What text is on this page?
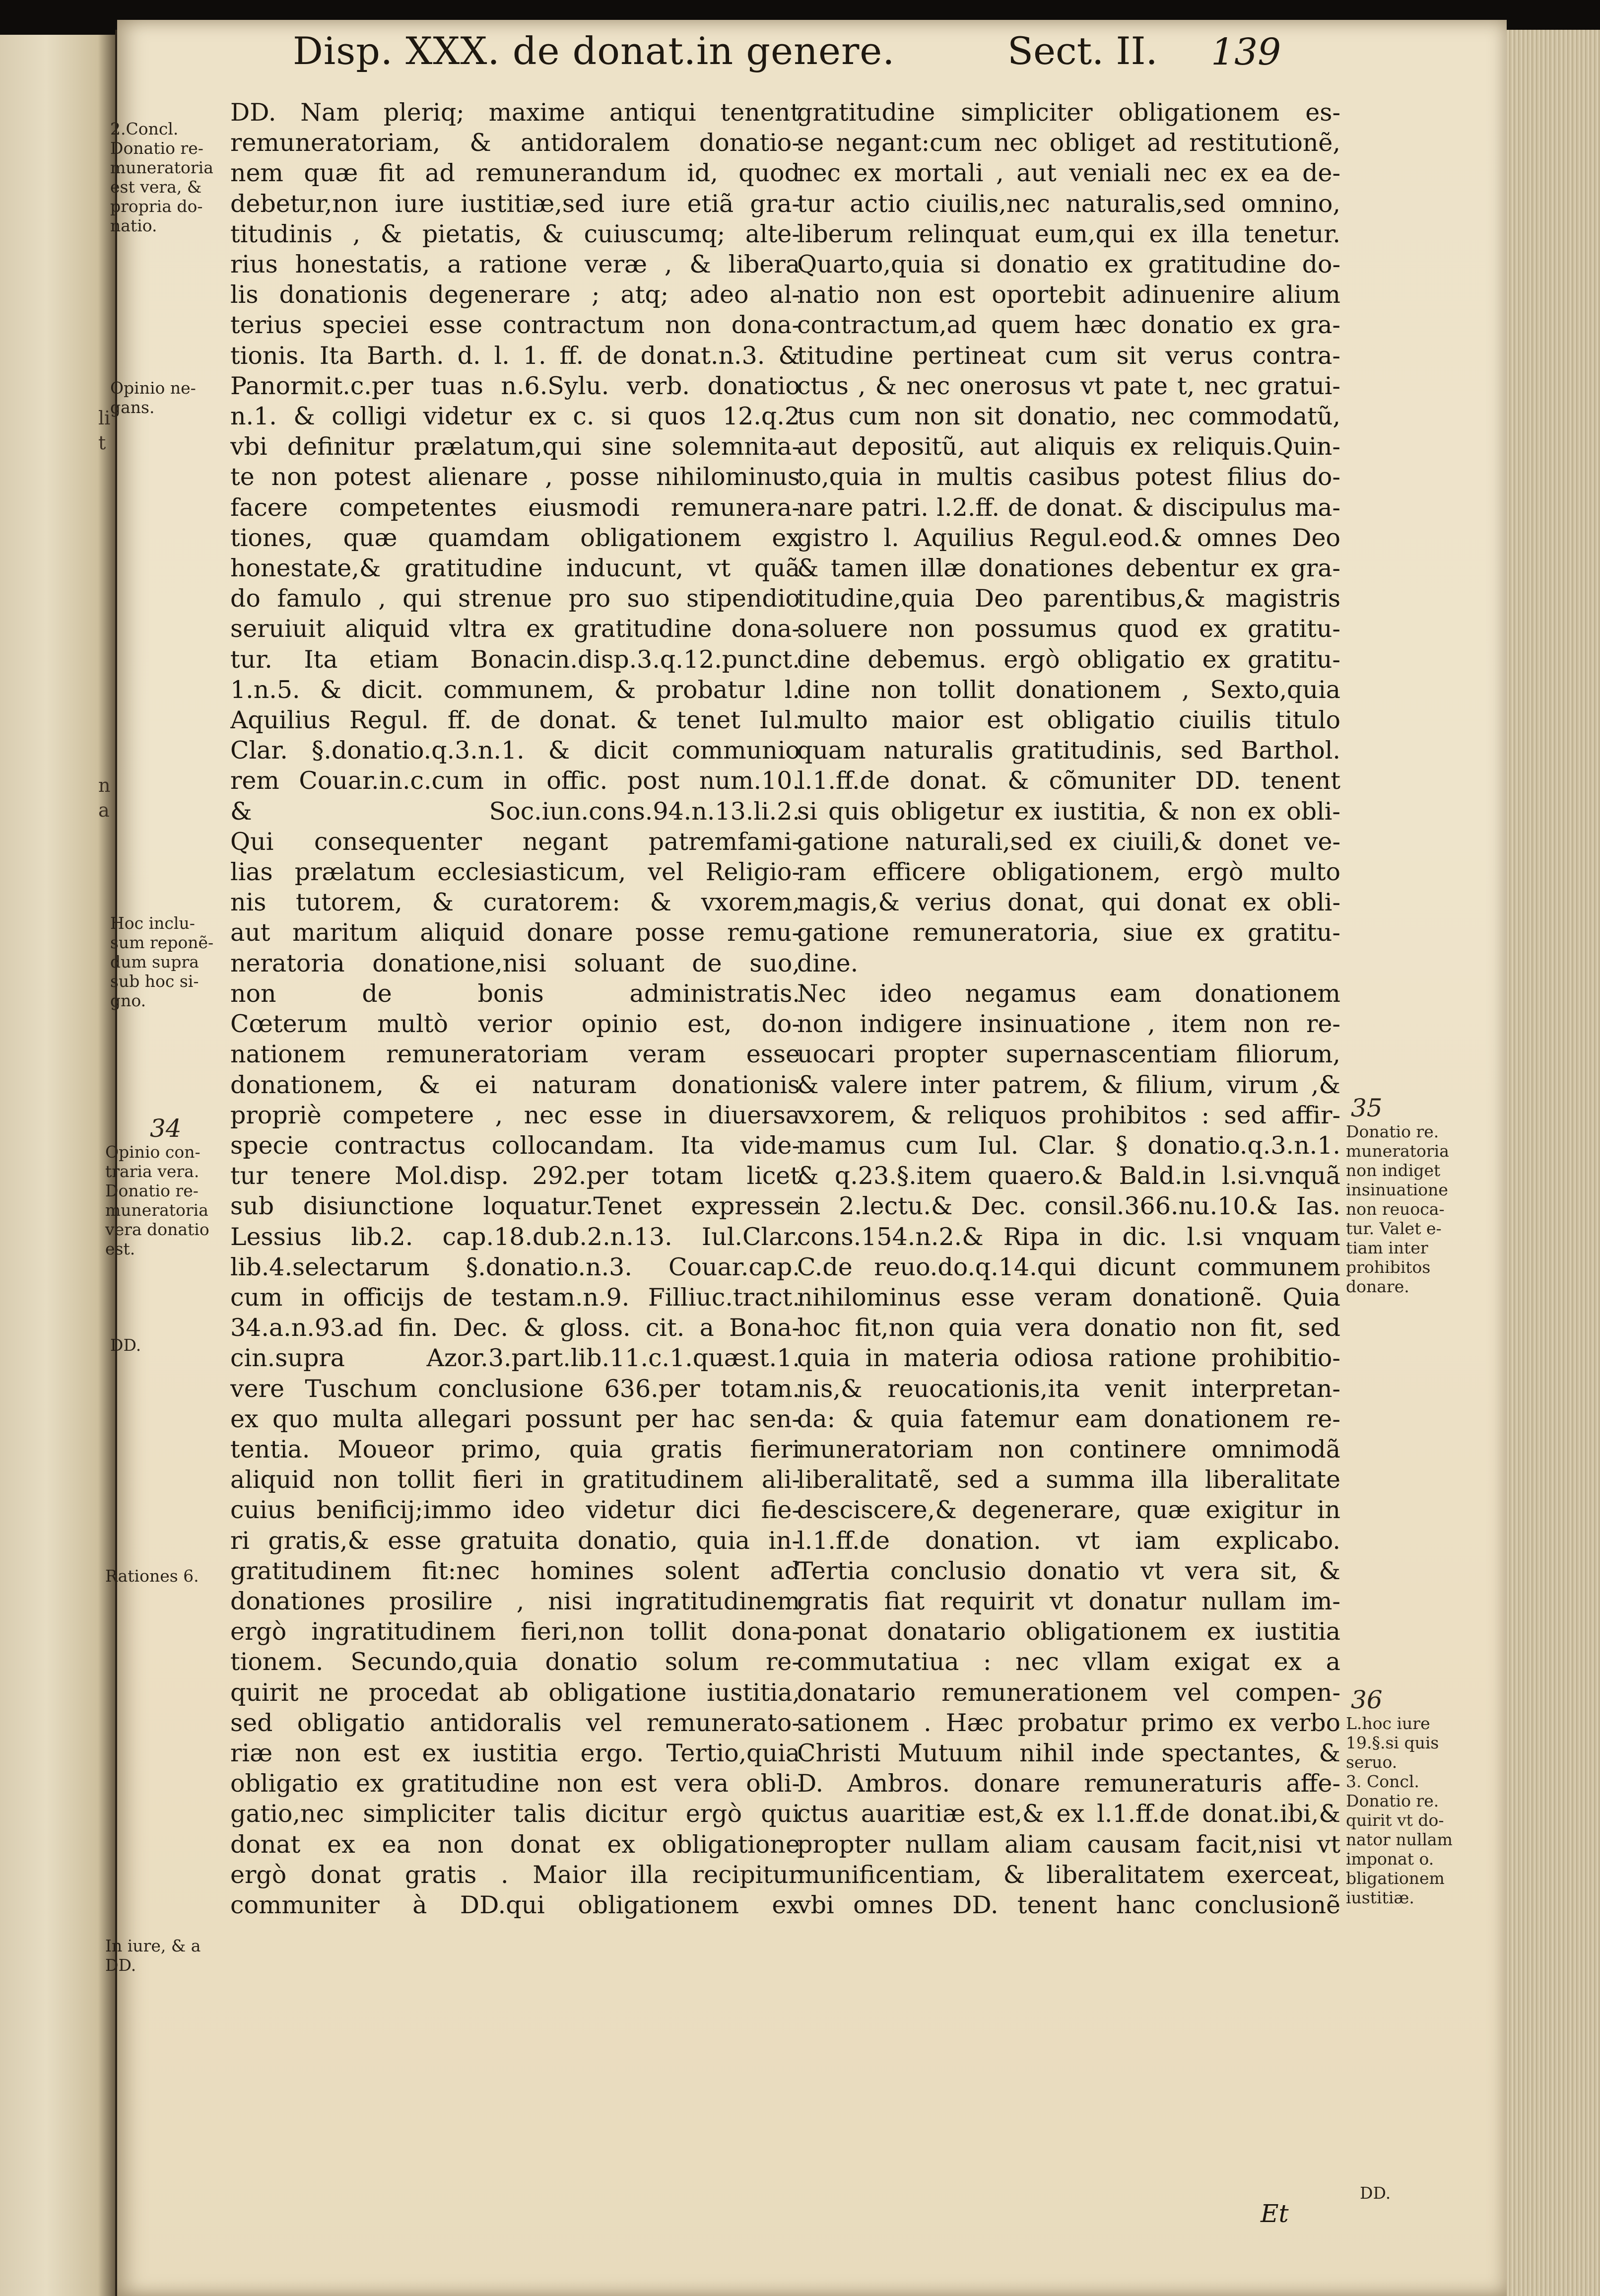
li
t
n
a
Disp. XXX. de donat.in genere.	Sect. II. 139
DD. Nam pleriq; maxime antiqui tenent
remuneratoriam, & antidoralem donatio-
nem quæ fit ad remunerandum id, quod
debetur,non iure iustitiæ,sed iure etiã gra-
titudinis , & pietatis, & cuiuscumq; alte-
rius honestatis, a ratione veræ , & libera
lis donationis degenerare ; atq; adeo al-
terius speciei esse contractum non dona-
tionis. Ita Barth. d. l. 1. ff. de donat.n.3. &
Panormit.c.per tuas n.6.Sylu. verb. donatio
n.1. & colligi videtur ex c. si quos 12.q.2
vbi definitur prælatum,qui sine solemnita-
te non potest alienare , posse nihilominus
facere competentes eiusmodi remunera-
tiones, quæ quamdam obligationem ex
honestate,& gratitudine inducunt, vt quã
do famulo , qui strenue pro suo stipendio
seruiuit aliquid vltra ex gratitudine dona-
tur. Ita etiam Bonacin.disp.3.q.12.punct.
1.n.5. & dicit. communem, & probatur l.
Aquilius Regul. ff. de donat. & tenet Iul.
Clar. §.donatio.q.3.n.1. & dicit communio
rem Couar.in.c.cum in offic. post num.10.
& Soc.iun.cons.94.n.13.li.2.
Qui consequenter negant patremfami-
lias prælatum ecclesiasticum, vel Religio-
nis tutorem, & curatorem: & vxorem,
aut maritum aliquid donare posse remu-
neratoria donatione,nisi soluant de suo,
non de bonis administratis.
Cœterum multò verior opinio est, do-
nationem remuneratoriam veram esse
donationem, & ei naturam donationis
propriè competere , nec esse in diuersa
specie contractus collocandam. Ita vide-
tur tenere Mol.disp. 292.per totam licet
sub disiunctione loquatur.Tenet expresse
Lessius lib.2. cap.18.dub.2.n.13. Iul.Clar.
lib.4.selectarum §.donatio.n.3. Couar.cap.
cum in officijs de testam.n.9. Filliuc.tract.
34.a.n.93.ad fin. Dec. & gloss. cit. a Bona-
cin.supra Azor.3.part.lib.11.c.1.quæst.1.
vere Tuschum conclusione 636.per totam.
ex quo multa allegari possunt per hac sen-
tentia. Moueor primo, quia gratis fieri
aliquid non tollit fieri in gratitudinem ali-
cuius benificij;immo ideo videtur dici fie-
ri gratis,& esse gratuita donatio, quia in-
gratitudinem fit:nec homines solent ad
donationes prosilire , nisi ingratitudinem
ergò ingratitudinem fieri,non tollit dona-
tionem. Secundo,quia donatio solum re-
quirit ne procedat ab obligatione iustitia,
sed obligatio antidoralis vel remunerato-
riæ non est ex iustitia ergo. Tertio,quia
obligatio ex gratitudine non est vera obli-
gatio,nec simpliciter talis dicitur ergò qui
donat ex ea non donat ex obligatione
ergò donat gratis . Maior illa recipitur
communiter à DD.qui obligationem ex
gratitudine simpliciter obligationem es-
se negant:cum nec obliget ad restitutionẽ,
nec ex mortali , aut veniali nec ex ea de-
tur actio ciuilis,nec naturalis,sed omnino,
liberum relinquat eum,qui ex illa tenetur.
Quarto,quia si donatio ex gratitudine do-
natio non est oportebit adinuenire alium
contractum,ad quem hæc donatio ex gra-
titudine pertineat cum sit verus contra-
ctus , & nec onerosus vt pate t, nec gratui-
tus cum non sit donatio, nec commodatũ,
aut depositũ, aut aliquis ex reliquis.Quin-
to,quia in multis casibus potest filius do-
nare patri. l.2.ff. de donat. & discipulus ma-
gistro l. Aquilius Regul.eod.& omnes Deo
& tamen illæ donationes debentur ex gra-
titudine,quia Deo parentibus,& magistris
soluere non possumus quod ex gratitu-
dine debemus. ergò obligatio ex gratitu-
dine non tollit donationem , Sexto,quia
multo maior est obligatio ciuilis titulo
quam naturalis gratitudinis, sed Barthol.
l.1.ff.de donat. & cõmuniter DD. tenent
si quis obligetur ex iustitia, & non ex obli-
gatione naturali,sed ex ciuili,& donet ve-
ram efficere obligationem, ergò multo
magis,& verius donat, qui donat ex obli-
gatione remuneratoria, siue ex gratitu-
dine.
Nec ideo negamus eam donationem
non indigere insinuatione , item non re-
uocari propter supernascentiam filiorum,
& valere inter patrem, & filium, virum ,&
vxorem, & reliquos prohibitos : sed affir-
mamus cum Iul. Clar. § donatio.q.3.n.1.
& q.23.§.item quaero.& Bald.in l.si.vnquã
in 2.lectu.& Dec. consil.366.nu.10.& Ias.
cons.154.n.2.& Ripa in dic. l.si vnquam
C.de reuo.do.q.14.qui dicunt communem
nihilominus esse veram donationẽ. Quia
hoc fit,non quia vera donatio non fit, sed
quia in materia odiosa ratione prohibitio-
nis,& reuocationis,ita venit interpretan-
da: & quia fatemur eam donationem re-
muneratoriam non continere omnimodã
liberalitatẽ, sed a summa illa liberalitate
desciscere,& degenerare, quæ exigitur in
l.1.ff.de donation. vt iam explicabo.
Tertia conclusio donatio vt vera sit, &
gratis fiat requirit vt donatur nullam im-
ponat donatario obligationem ex iustitia
commutatiua : nec vllam exigat ex a
donatario remunerationem vel compen-
sationem . Hæc probatur primo ex verbo
Christi Mutuum nihil inde spectantes, &
D. Ambros. donare remuneraturis affe-
ctus auaritiæ est,& ex l.1.ff.de donat.ibi,&
propter nullam aliam causam facit,nisi vt
munificentiam, & liberalitatem exerceat,
vbi omnes DD. tenent hanc conclusionẽ
2.Concl.
Donatio re-
muneratoria
est vera, &
propria do-
natio.
Opinio ne-
gans.
Hoc inclu-
sum reponẽ-
dum supra
sub hoc si-
gno.
34
Opinio con-
traria vera.
Donatio re-
muneratoria
vera donatio
est.
DD.
Rationes 6.
In iure, & a
DD.
35
Donatio re.
muneratoria
non indiget
insinuatione
non reuoca-
tur. Valet e-
tiam inter
prohibitos
donare.
36
L.hoc iure
19.§.si quis
seruo.
3. Concl.
Donatio re.
quirit vt do-
nator nullam
imponat o.
bligationem
iustitiæ.
DD.
Et
